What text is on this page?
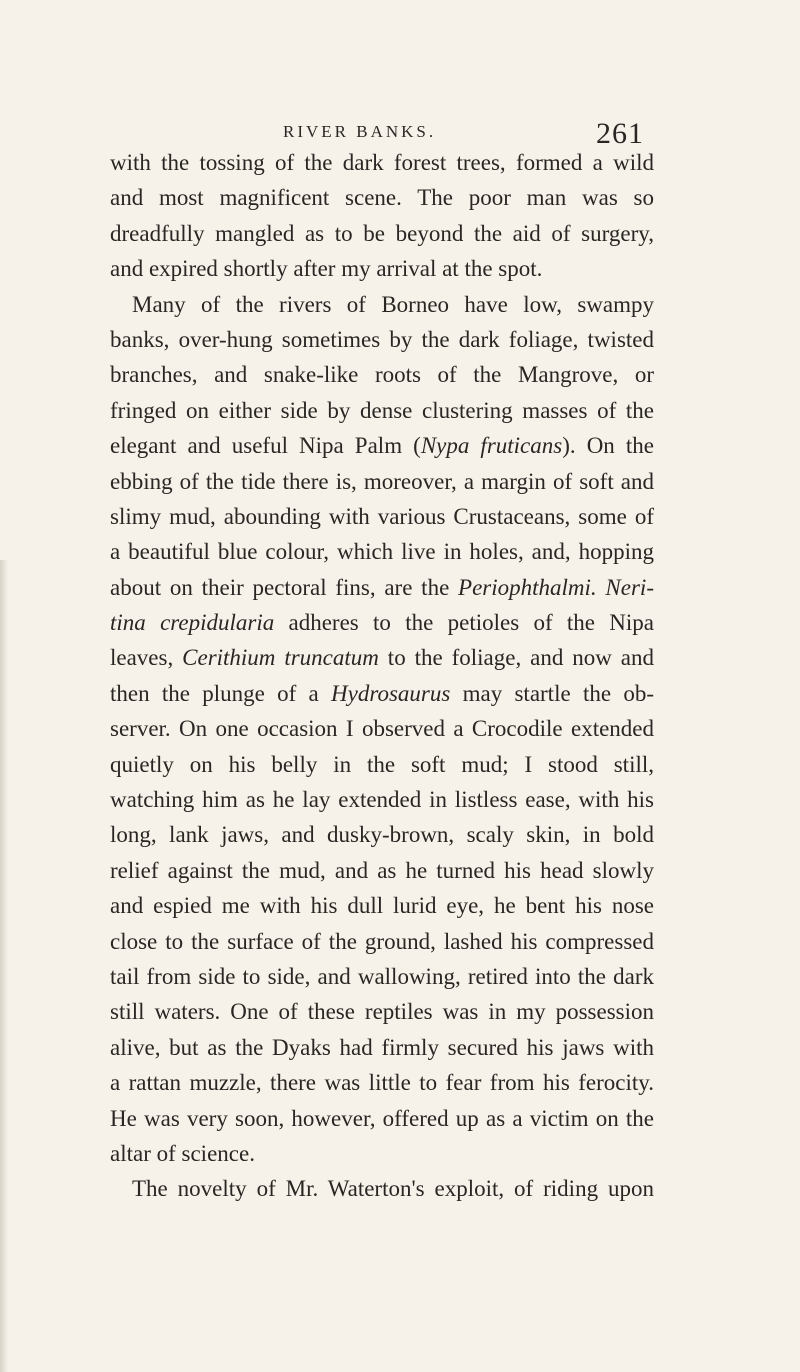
RIVER BANKS.	261
with the tossing of the dark forest trees, formed a wild
and most magnificent scene. The poor man was so
dreadfully mangled as to be beyond the aid of surgery,
and expired shortly after my arrival at the spot.
Many of the rivers of Borneo have low, swampy
banks, over-hung sometimes by the dark foliage, twisted
branches, and snake-like roots of the Mangrove, or
fringed on either side by dense clustering masses of the
elegant and useful Nipa Palm (Nypa fruticans). On the
ebbing of the tide there is, moreover, a margin of soft and
slimy mud, abounding with various Crustaceans, some of
a beautiful blue colour, which live in holes, and, hopping
about on their pectoral fins, are the Periophthalmi. Neri-
tina crepidularia adheres to the petioles of the Nipa
leaves, Cerithium truncatum to the foliage, and now and
then the plunge of a Hydrosaurus may startle the ob-
server. On one occasion I observed a Crocodile extended
quietly on his belly in the soft mud; I stood still,
watching him as he lay extended in listless ease, with his
long, lank jaws, and dusky-brown, scaly skin, in bold
relief against the mud, and as he turned his head slowly
and espied me with his dull lurid eye, he bent his nose
close to the surface of the ground, lashed his compressed
tail from side to side, and wallowing, retired into the dark
still waters. One of these reptiles was in my possession
alive, but as the Dyaks had firmly secured his jaws with
a rattan muzzle, there was little to fear from his ferocity.
He was very soon, however, offered up as a victim on the
altar of science.
The novelty of Mr. Waterton's exploit, of riding upon
